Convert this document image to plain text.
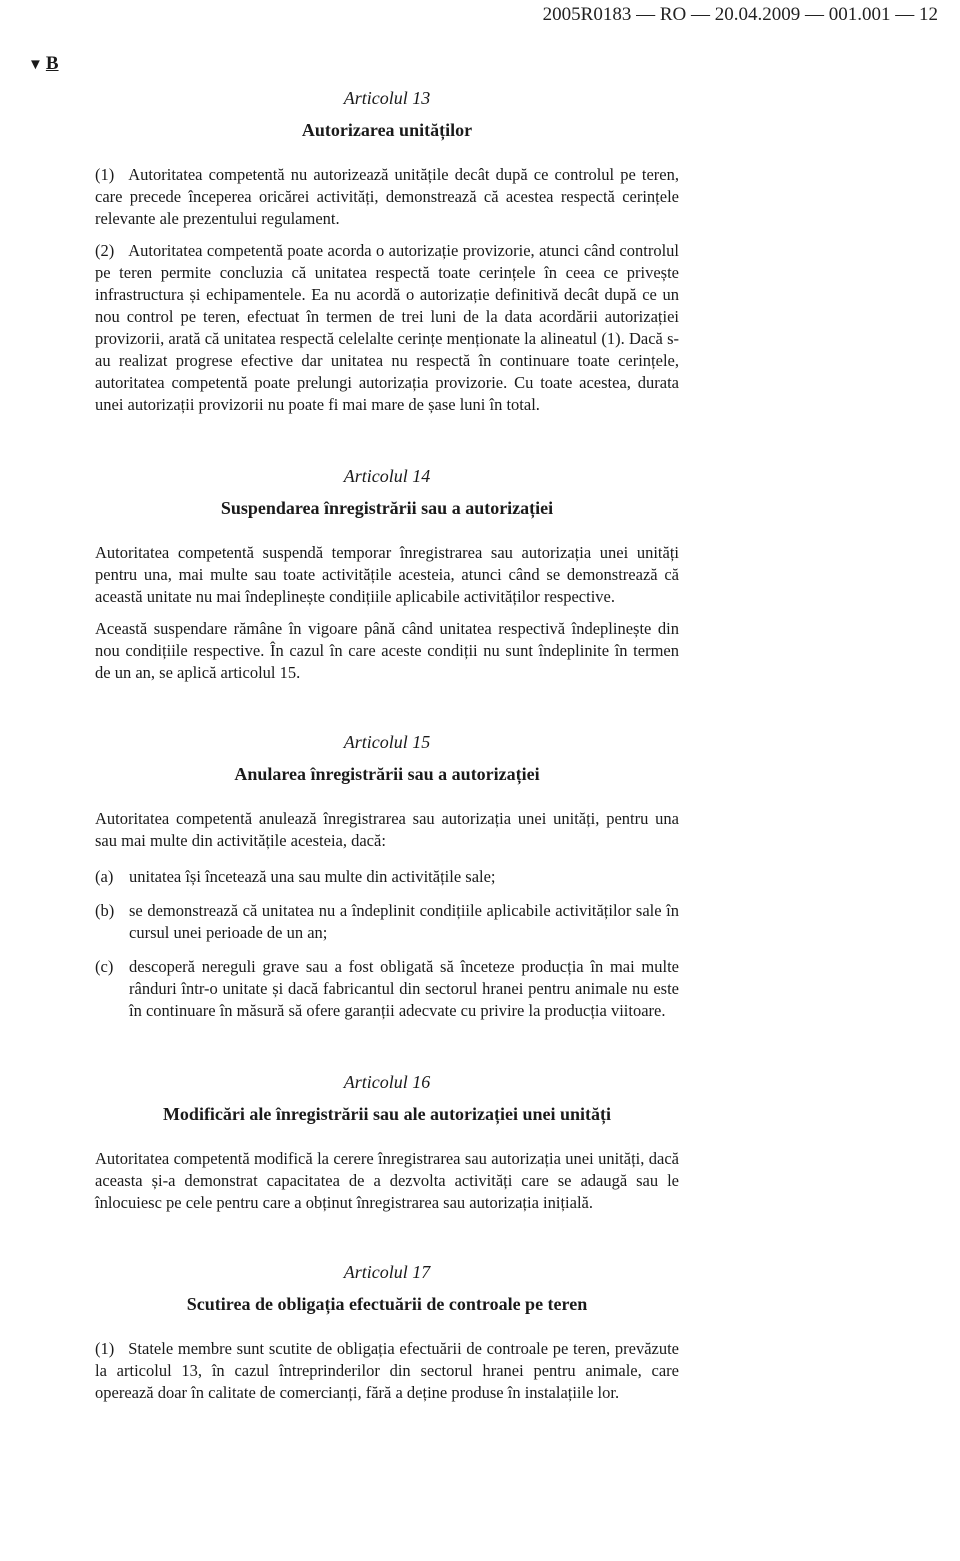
2005R0183 — RO — 20.04.2009 — 001.001 — 12
▼ B
Articolul 13
Autorizarea unităților

(1) Autoritatea competentă nu autorizează unitățile decât după ce controlul pe teren, care precede începerea oricărei activități, demonstrează că acestea respectă cerințele relevante ale prezentului regulament.

(2) Autoritatea competentă poate acorda o autorizație provizorie, atunci când controlul pe teren permite concluzia că unitatea respectă toate cerințele în ceea ce privește infrastructura și echipamentele. Ea nu acordă o autorizație definitivă decât după ce un nou control pe teren, efectuat în termen de trei luni de la data acordării autorizației provizorii, arată că unitatea respectă celelalte cerințe menționate la alineatul (1). Dacă s-au realizat progrese efective dar unitatea nu respectă în continuare toate cerințele, autoritatea competentă poate prelungi autorizația provizorie. Cu toate acestea, durata unei autorizații provizorii nu poate fi mai mare de șase luni în total.

Articolul 14
Suspendarea înregistrării sau a autorizației

Autoritatea competentă suspendă temporar înregistrarea sau autorizația unei unități pentru una, mai multe sau toate activitățile acesteia, atunci când se demonstrează că această unitate nu mai îndeplinește condițiile aplicabile activităților respective.

Această suspendare rămâne în vigoare până când unitatea respectivă îndeplinește din nou condițiile respective. În cazul în care aceste condiții nu sunt îndeplinite în termen de un an, se aplică articolul 15.

Articolul 15
Anularea înregistrării sau a autorizației

Autoritatea competentă anulează înregistrarea sau autorizația unei unități, pentru una sau mai multe din activitățile acesteia, dacă:

(a) unitatea își încetează una sau multe din activitățile sale;
(b) se demonstrează că unitatea nu a îndeplinit condițiile aplicabile activităților sale în cursul unei perioade de un an;
(c) descoperă nereguli grave sau a fost obligată să înceteze producția în mai multe rânduri într-o unitate și dacă fabricantul din sectorul hranei pentru animale nu este în continuare în măsură să ofere garanții adecvate cu privire la producția viitoare.
Articolul 16
Modificări ale înregistrării sau ale autorizației unei unități

Autoritatea competentă modifică la cerere înregistrarea sau autorizația unei unități, dacă aceasta și-a demonstrat capacitatea de a dezvolta activități care se adaugă sau le înlocuiesc pe cele pentru care a obținut înregistrarea sau autorizația inițială.

Articolul 17
Scutirea de obligația efectuării de controale pe teren

(1) Statele membre sunt scutite de obligația efectuării de controale pe teren, prevăzute la articolul 13, în cazul întreprinderilor din sectorul hranei pentru animale, care operează doar în calitate de comercianți, fără a deține produse în instalațiile lor.
